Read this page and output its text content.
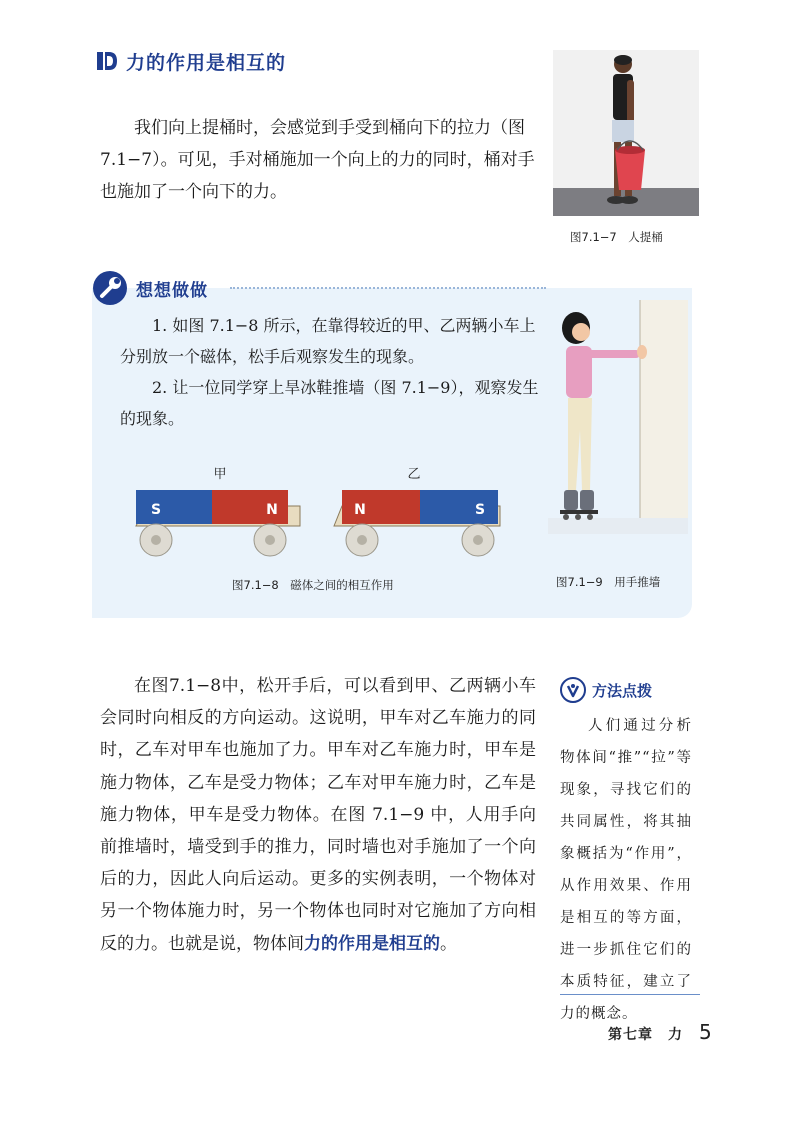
力的作用是相互的

我们向上提桶时，会感觉到手受到桶向下的拉力（图7.1−7）。可见，手对桶施加一个向上的力的同时，桶对手也施加了一个向下的力。

图7.1−7　人提桶
想想做做

1. 如图 7.1−8 所示，在靠得较近的甲、乙两辆小车上分别放一个磁体，松手后观察发生的现象。

2. 让一位同学穿上旱冰鞋推墙（图 7.1−9），观察发生的现象。

甲
S	N
乙
N	S
图7.1−8　磁体之间的相互作用	图7.1−9　用手推墙

在图7.1−8中，松开手后，可以看到甲、乙两辆小车会同时向相反的方向运动。这说明，甲车对乙车施力的同时，乙车对甲车也施加了力。甲车对乙车施力时，甲车是施力物体，乙车是受力物体；乙车对甲车施力时，乙车是施力物体，甲车是受力物体。在图 7.1−9 中，人用手向前推墙时，墙受到手的推力，同时墙也对手施加了一个向后的力，因此人向后运动。更多的实例表明，一个物体对另一个物体施力时，另一个物体也同时对它施加了方向相反的力。也就是说，物体间力的作用是相互的。

方法点拨

人们通过分析物体间“推”“拉”等现象，寻找它们的共同属性，将其抽象概括为“作用”，从作用效果、作用是相互的等方面，进一步抓住它们的本质特征，建立了力的概念。

第七章　力 5
